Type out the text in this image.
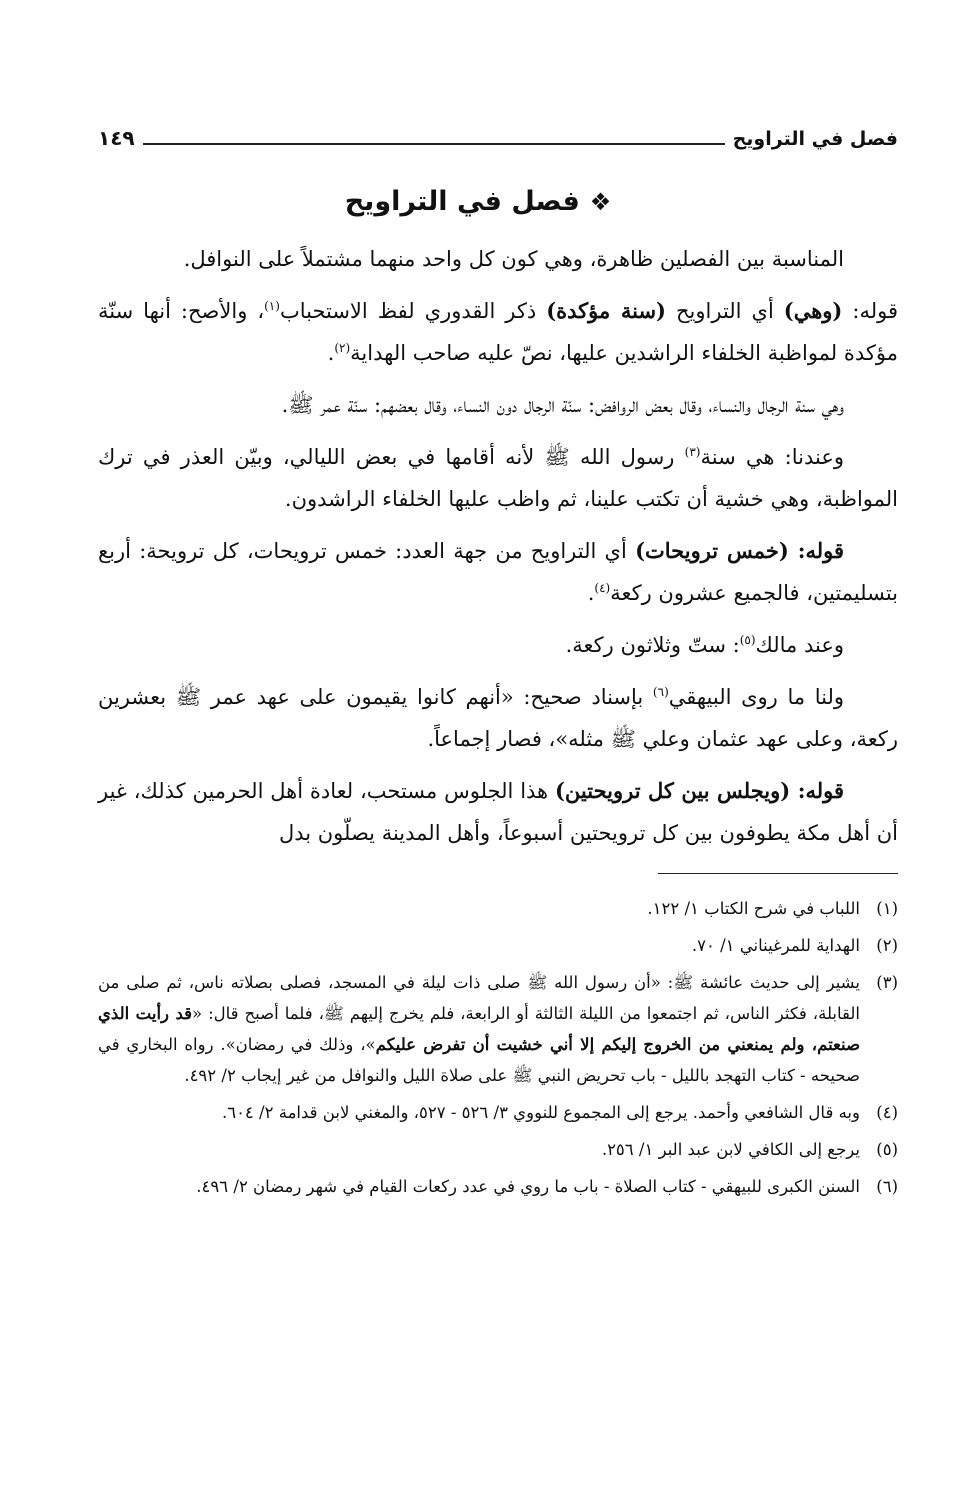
فصل في التراويح
١٤٩
❖فصل في التراويح

المناسبة بين الفصلين ظاهرة، وهي كون كل واحد منهما مشتملاً على النوافل.

قوله: (وهي) أي التراويح (سنة مؤكدة) ذكر القدوري لفظ الاستحباب$^{(١)}$، والأصح: أنها سنّة مؤكدة لمواظبة الخلفاء الراشدين عليها، نصّ عليه صاحب الهداية$^{(٢)}$.

وهي سنة الرجال والنساء، وقال بعض الروافض: سنّة الرجال دون النساء، وقال بعضهم: سنّة عمر ﷺ.

وعندنا: هي سنة$^{(٣)}$ رسول الله ﷺ لأنه أقامها في بعض الليالي، وبيّن العذر في ترك المواظبة، وهي خشية أن تكتب علينا، ثم واظب عليها الخلفاء الراشدون.

قوله: (خمس ترويحات) أي التراويح من جهة العدد: خمس ترويحات، كل ترويحة: أربع بتسليمتين، فالجميع عشرون ركعة$^{(٤)}$.

وعند مالك$^{(٥)}$: ستّ وثلاثون ركعة.

ولنا ما روى البيهقي$^{(٦)}$ بإسناد صحيح: «أنهم كانوا يقيمون على عهد عمر ﷺ بعشرين ركعة، وعلى عهد عثمان وعلي ﷺ مثله»، فصار إجماعاً.

قوله: (ويجلس بين كل ترويحتين) هذا الجلوس مستحب، لعادة أهل الحرمين كذلك، غير أن أهل مكة يطوفون بين كل ترويحتين أسبوعاً، وأهل المدينة يصلّون بدل

(١)
اللباب في شرح الكتاب ١/ ١٢٢.
(٢)
الهداية للمرغيناني ١/ ٧٠.
(٣)
يشير إلى حديث عائشة ﷺ: «أن رسول الله ﷺ صلى ذات ليلة في المسجد، فصلى بصلاته ناس، ثم صلى من القابلة، فكثر الناس، ثم اجتمعوا من الليلة الثالثة أو الرابعة، فلم يخرج إليهم ﷺ، فلما أصبح قال: «قد رأيت الذي صنعتم، ولم يمنعني من الخروج إليكم إلا أني خشيت أن تفرض عليكم»، وذلك في رمضان». رواه البخاري في صحيحه - كتاب التهجد بالليل - باب تحريض النبي ﷺ على صلاة الليل والنوافل من غير إيجاب ٢/ ٤٩٢.
(٤)
وبه قال الشافعي وأحمد. يرجع إلى المجموع للنووي ٣/ ٥٢٦ - ٥٢٧، والمغني لابن قدامة ٢/ ٦٠٤.
(٥)
يرجع إلى الكافي لابن عبد البر ١/ ٢٥٦.
(٦)
السنن الكبرى للبيهقي - كتاب الصلاة - باب ما روي في عدد ركعات القيام في شهر رمضان ٢/ ٤٩٦.
